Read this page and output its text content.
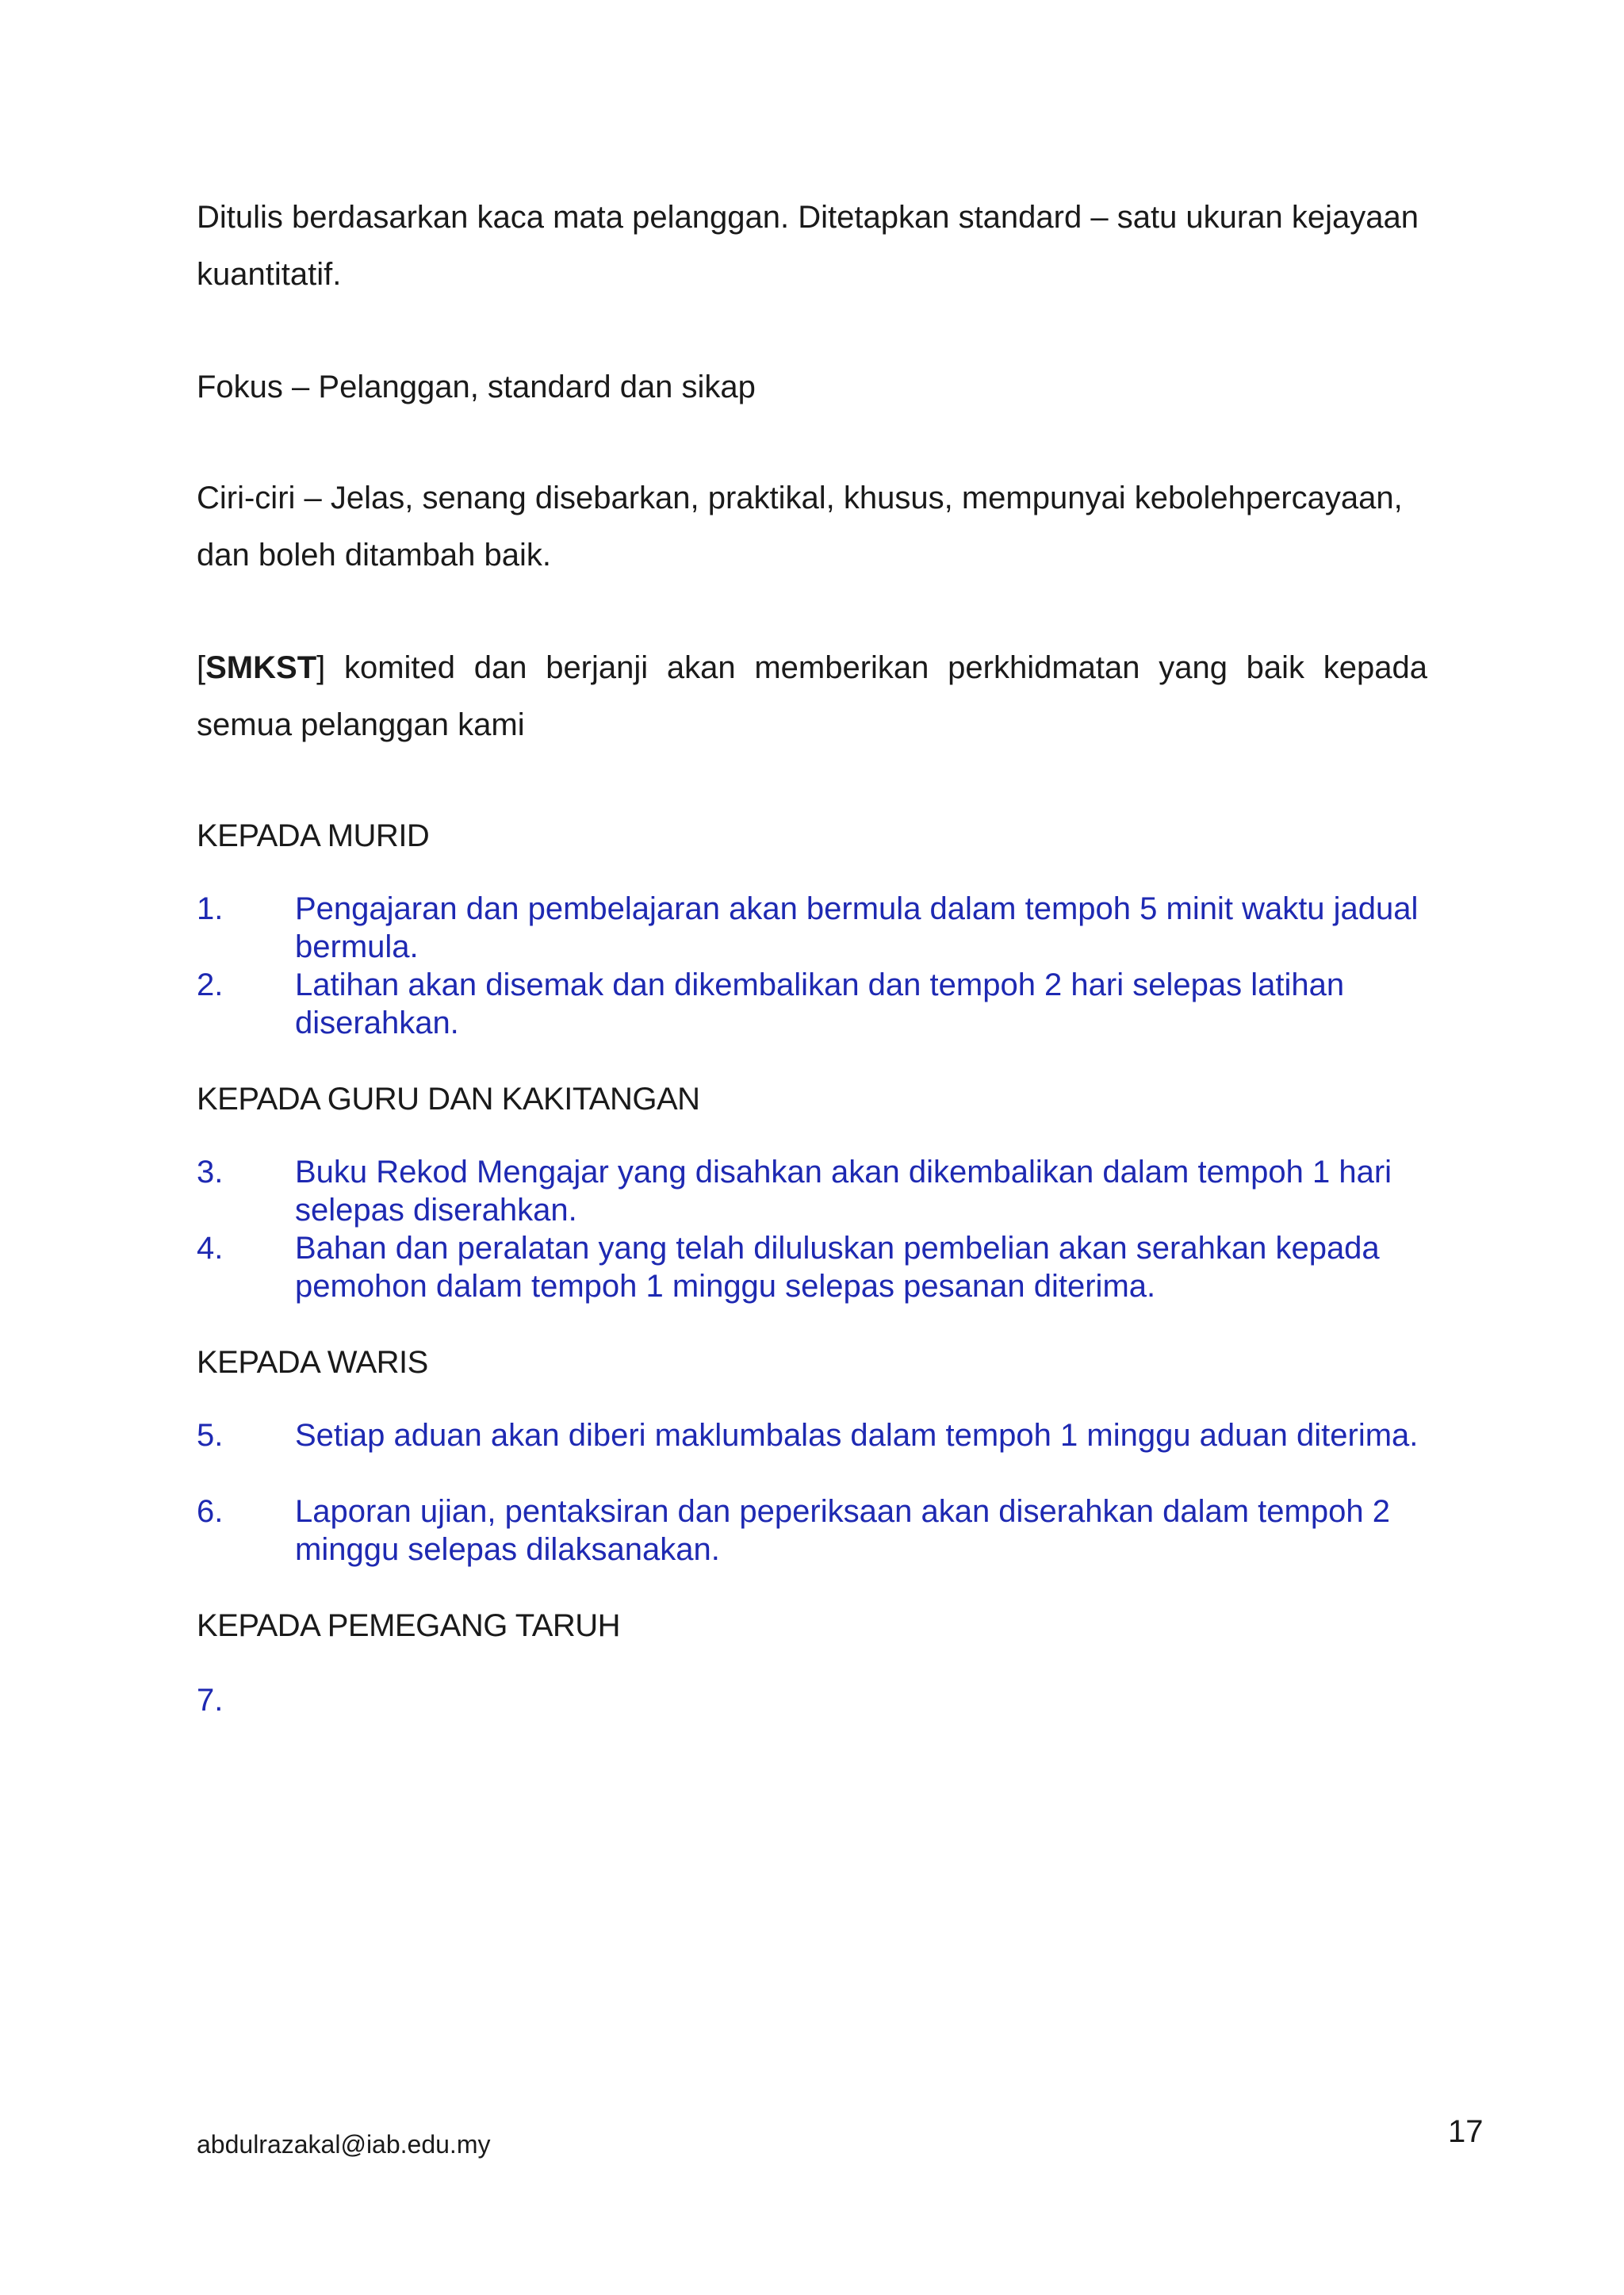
Ditulis berdasarkan kaca mata pelanggan. Ditetapkan standard – satu ukuran kejayaan kuantitatif.

Fokus – Pelanggan, standard dan sikap

Ciri-ciri – Jelas, senang disebarkan, praktikal, khusus, mempunyai kebolehpercayaan, dan boleh ditambah baik.

[SMKST] komited dan berjanji akan memberikan perkhidmatan yang baik kepada semua pelanggan kami

KEPADA MURID
1. Pengajaran dan pembelajaran akan bermula dalam tempoh 5 minit waktu jadual bermula.
2. Latihan akan disemak dan dikembalikan dan tempoh 2 hari selepas latihan diserahkan.
KEPADA GURU DAN KAKITANGAN
3. Buku Rekod Mengajar yang disahkan akan dikembalikan dalam tempoh 1 hari selepas diserahkan.
4. Bahan dan peralatan yang telah diluluskan pembelian akan serahkan kepada pemohon dalam tempoh 1 minggu selepas pesanan diterima.
KEPADA WARIS
5. Setiap aduan akan diberi maklumbalas dalam tempoh 1 minggu aduan diterima.
6. Laporan ujian, pentaksiran dan peperiksaan akan diserahkan dalam tempoh 2 minggu selepas dilaksanakan.
KEPADA PEMEGANG TARUH
7.
abdulrazakal@iab.edu.my	17
